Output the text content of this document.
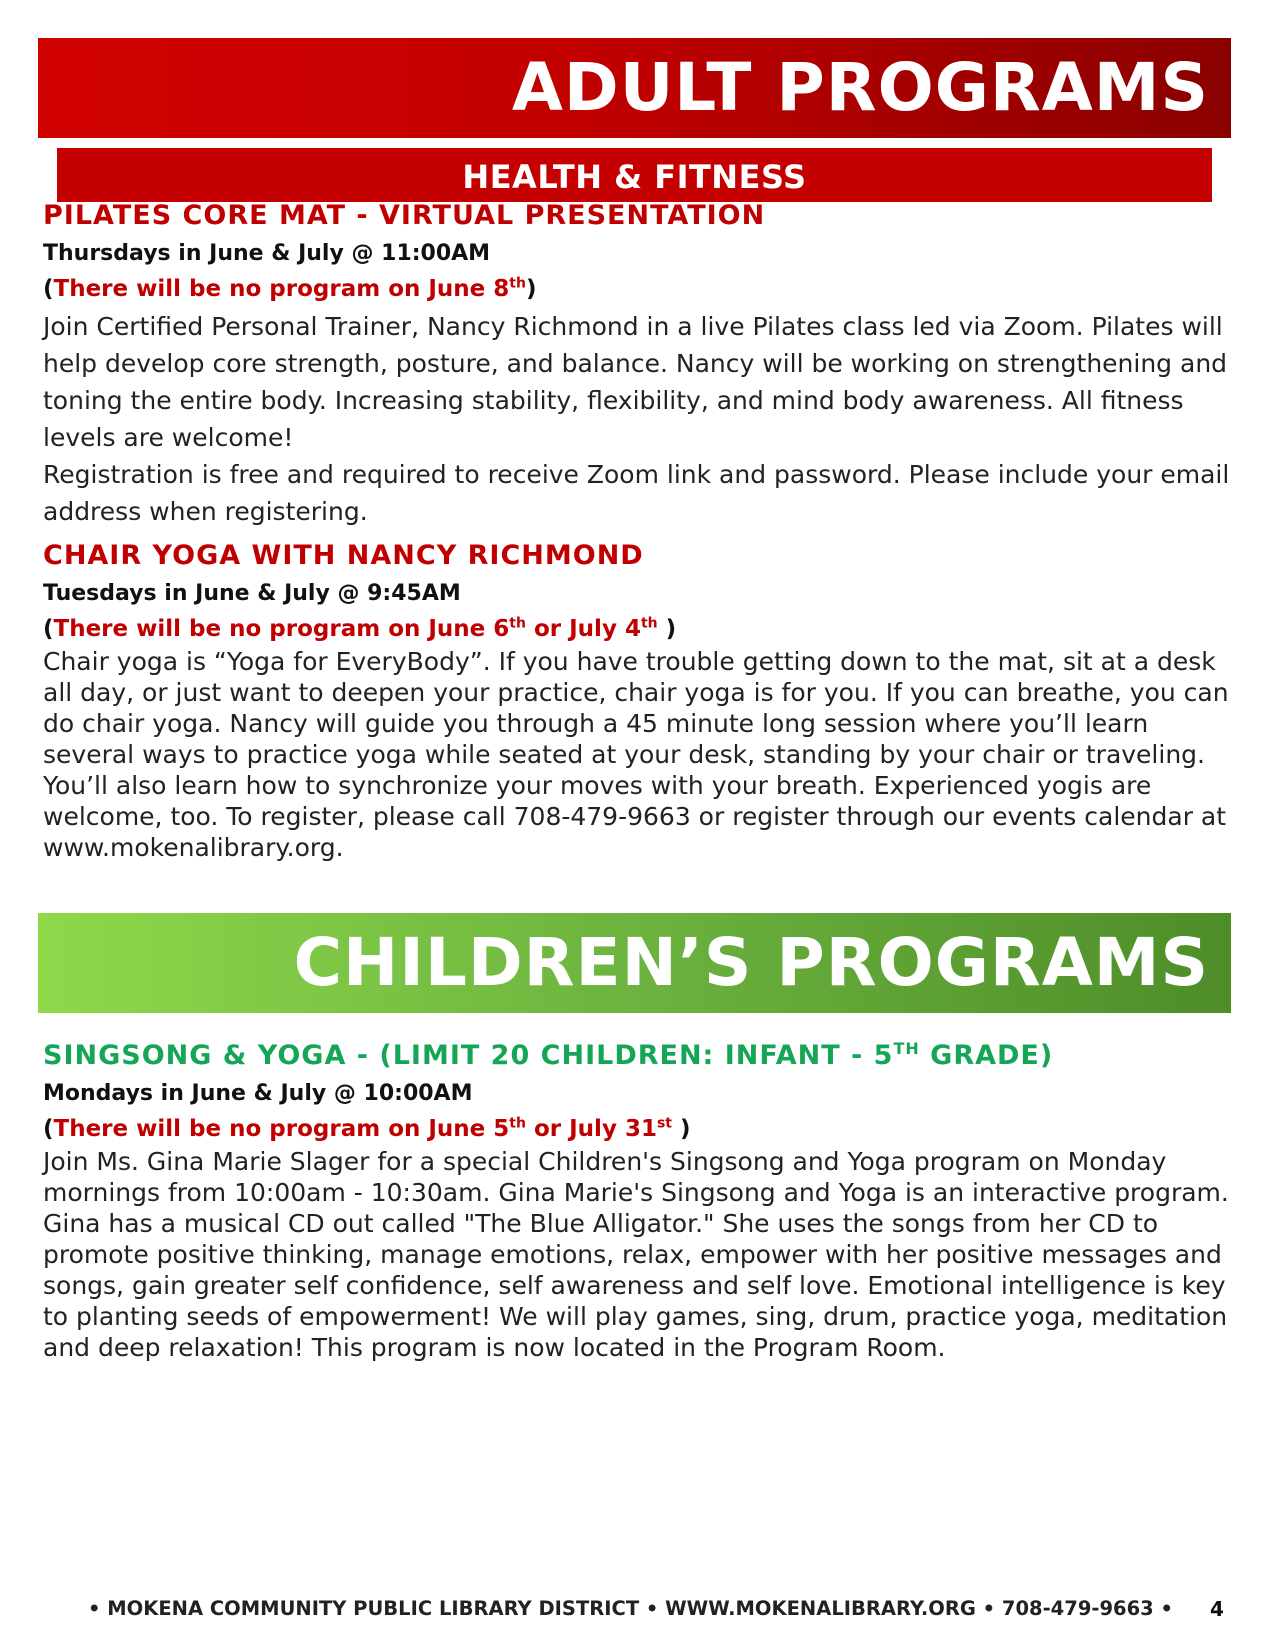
ADULT PROGRAMS
HEALTH & FITNESS
PILATES CORE MAT - VIRTUAL PRESENTATION

Thursdays in June & July @ 11:00AM

(There will be no program on June 8th)

Join Certified Personal Trainer, Nancy Richmond in a live Pilates class led via Zoom. Pilates will help develop core strength, posture, and balance. Nancy will be working on strengthening and toning the entire body. Increasing stability, flexibility, and mind body awareness. All fitness levels are welcome!

Registration is free and required to receive Zoom link and password. Please include your email address when registering.

CHAIR YOGA WITH NANCY RICHMOND

Tuesdays in June & July @ 9:45AM

(There will be no program on June 6th or July 4th )

Chair yoga is “Yoga for EveryBody”. If you have trouble getting down to the mat, sit at a desk all day, or just want to deepen your practice, chair yoga is for you. If you can breathe, you can do chair yoga. Nancy will guide you through a 45 minute long session where you’ll learn several ways to practice yoga while seated at your desk, standing by your chair or traveling. You’ll also learn how to synchronize your moves with your breath. Experienced yogis are welcome, too. To register, please call 708-479-9663 or register through our events calendar at www.mokenalibrary.org.

CHILDREN’S PROGRAMS
SINGSONG & YOGA - (LIMIT 20 CHILDREN: INFANT - 5TH GRADE)

Mondays in June & July @ 10:00AM

(There will be no program on June 5th or July 31st )

Join Ms. Gina Marie Slager for a special Children's Singsong and Yoga program on Monday mornings from 10:00am - 10:30am. Gina Marie's Singsong and Yoga is an interactive program. Gina has a musical CD out called "The Blue Alligator." She uses the songs from her CD to promote positive thinking, manage emotions, relax, empower with her positive messages and songs, gain greater self confidence, self awareness and self love. Emotional intelligence is key to planting seeds of empowerment! We will play games, sing, drum, practice yoga, meditation and deep relaxation! This program is now located in the Program Room.

• MOKENA COMMUNITY PUBLIC LIBRARY DISTRICT • WWW.MOKENALIBRARY.ORG • 708-479-9663 •	4
